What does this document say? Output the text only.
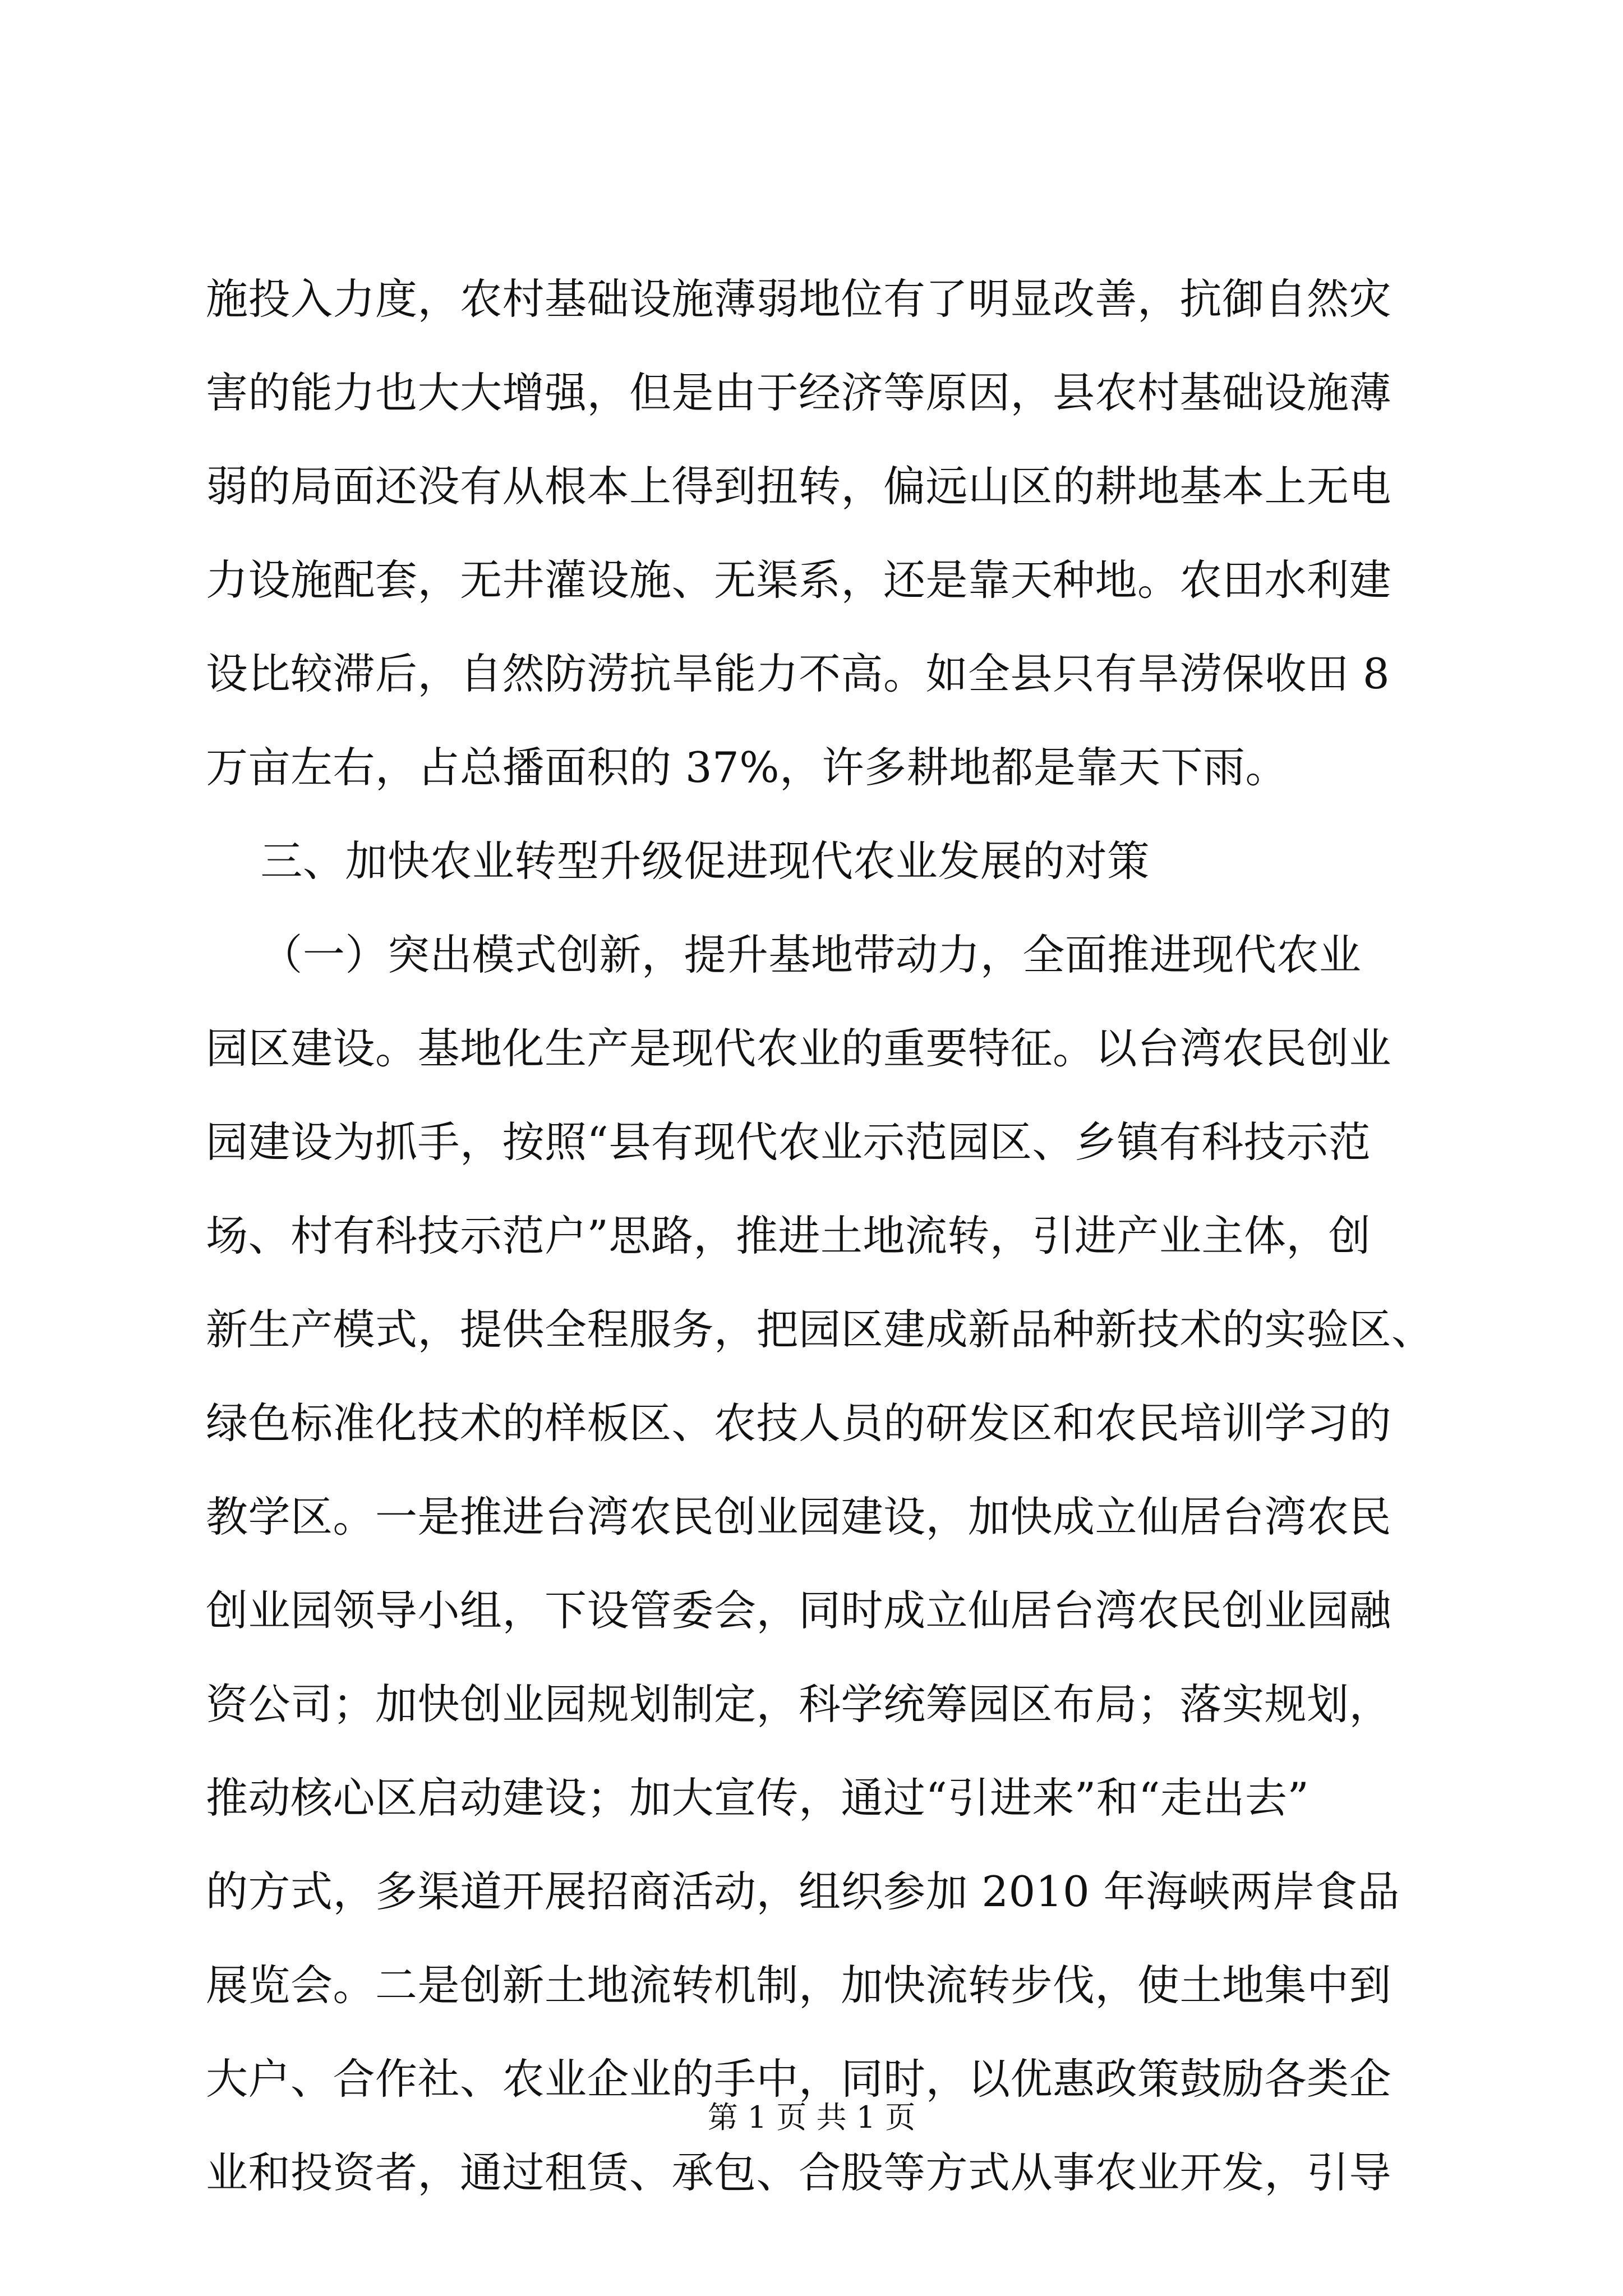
施投入力度，农村基础设施薄弱地位有了明显改善，抗御自然灾
害的能力也大大增强，但是由于经济等原因，县农村基础设施薄
弱的局面还没有从根本上得到扭转，偏远山区的耕地基本上无电
力设施配套，无井灌设施、无渠系，还是靠天种地。农田水利建
设比较滞后，自然防涝抗旱能力不高。如全县只有旱涝保收田 8
万亩左右，占总播面积的 37%，许多耕地都是靠天下雨。
三、加快农业转型升级促进现代农业发展的对策
（一）突出模式创新，提升基地带动力，全面推进现代农业
园区建设。基地化生产是现代农业的重要特征。以台湾农民创业
园建设为抓手，按照“县有现代农业示范园区、乡镇有科技示范
场、村有科技示范户”思路，推进土地流转，引进产业主体，创
新生产模式，提供全程服务，把园区建成新品种新技术的实验区、
绿色标准化技术的样板区、农技人员的研发区和农民培训学习的
教学区。一是推进台湾农民创业园建设，加快成立仙居台湾农民
创业园领导小组，下设管委会，同时成立仙居台湾农民创业园融
资公司；加快创业园规划制定，科学统筹园区布局；落实规划，
推动核心区启动建设；加大宣传，通过“引进来”和“走出去”
的方式，多渠道开展招商活动，组织参加 2010 年海峡两岸食品
展览会。二是创新土地流转机制，加快流转步伐，使土地集中到
大户、合作社、农业企业的手中，同时，以优惠政策鼓励各类企
业和投资者，通过租赁、承包、合股等方式从事农业开发，引导
第 1 页 共 1 页
